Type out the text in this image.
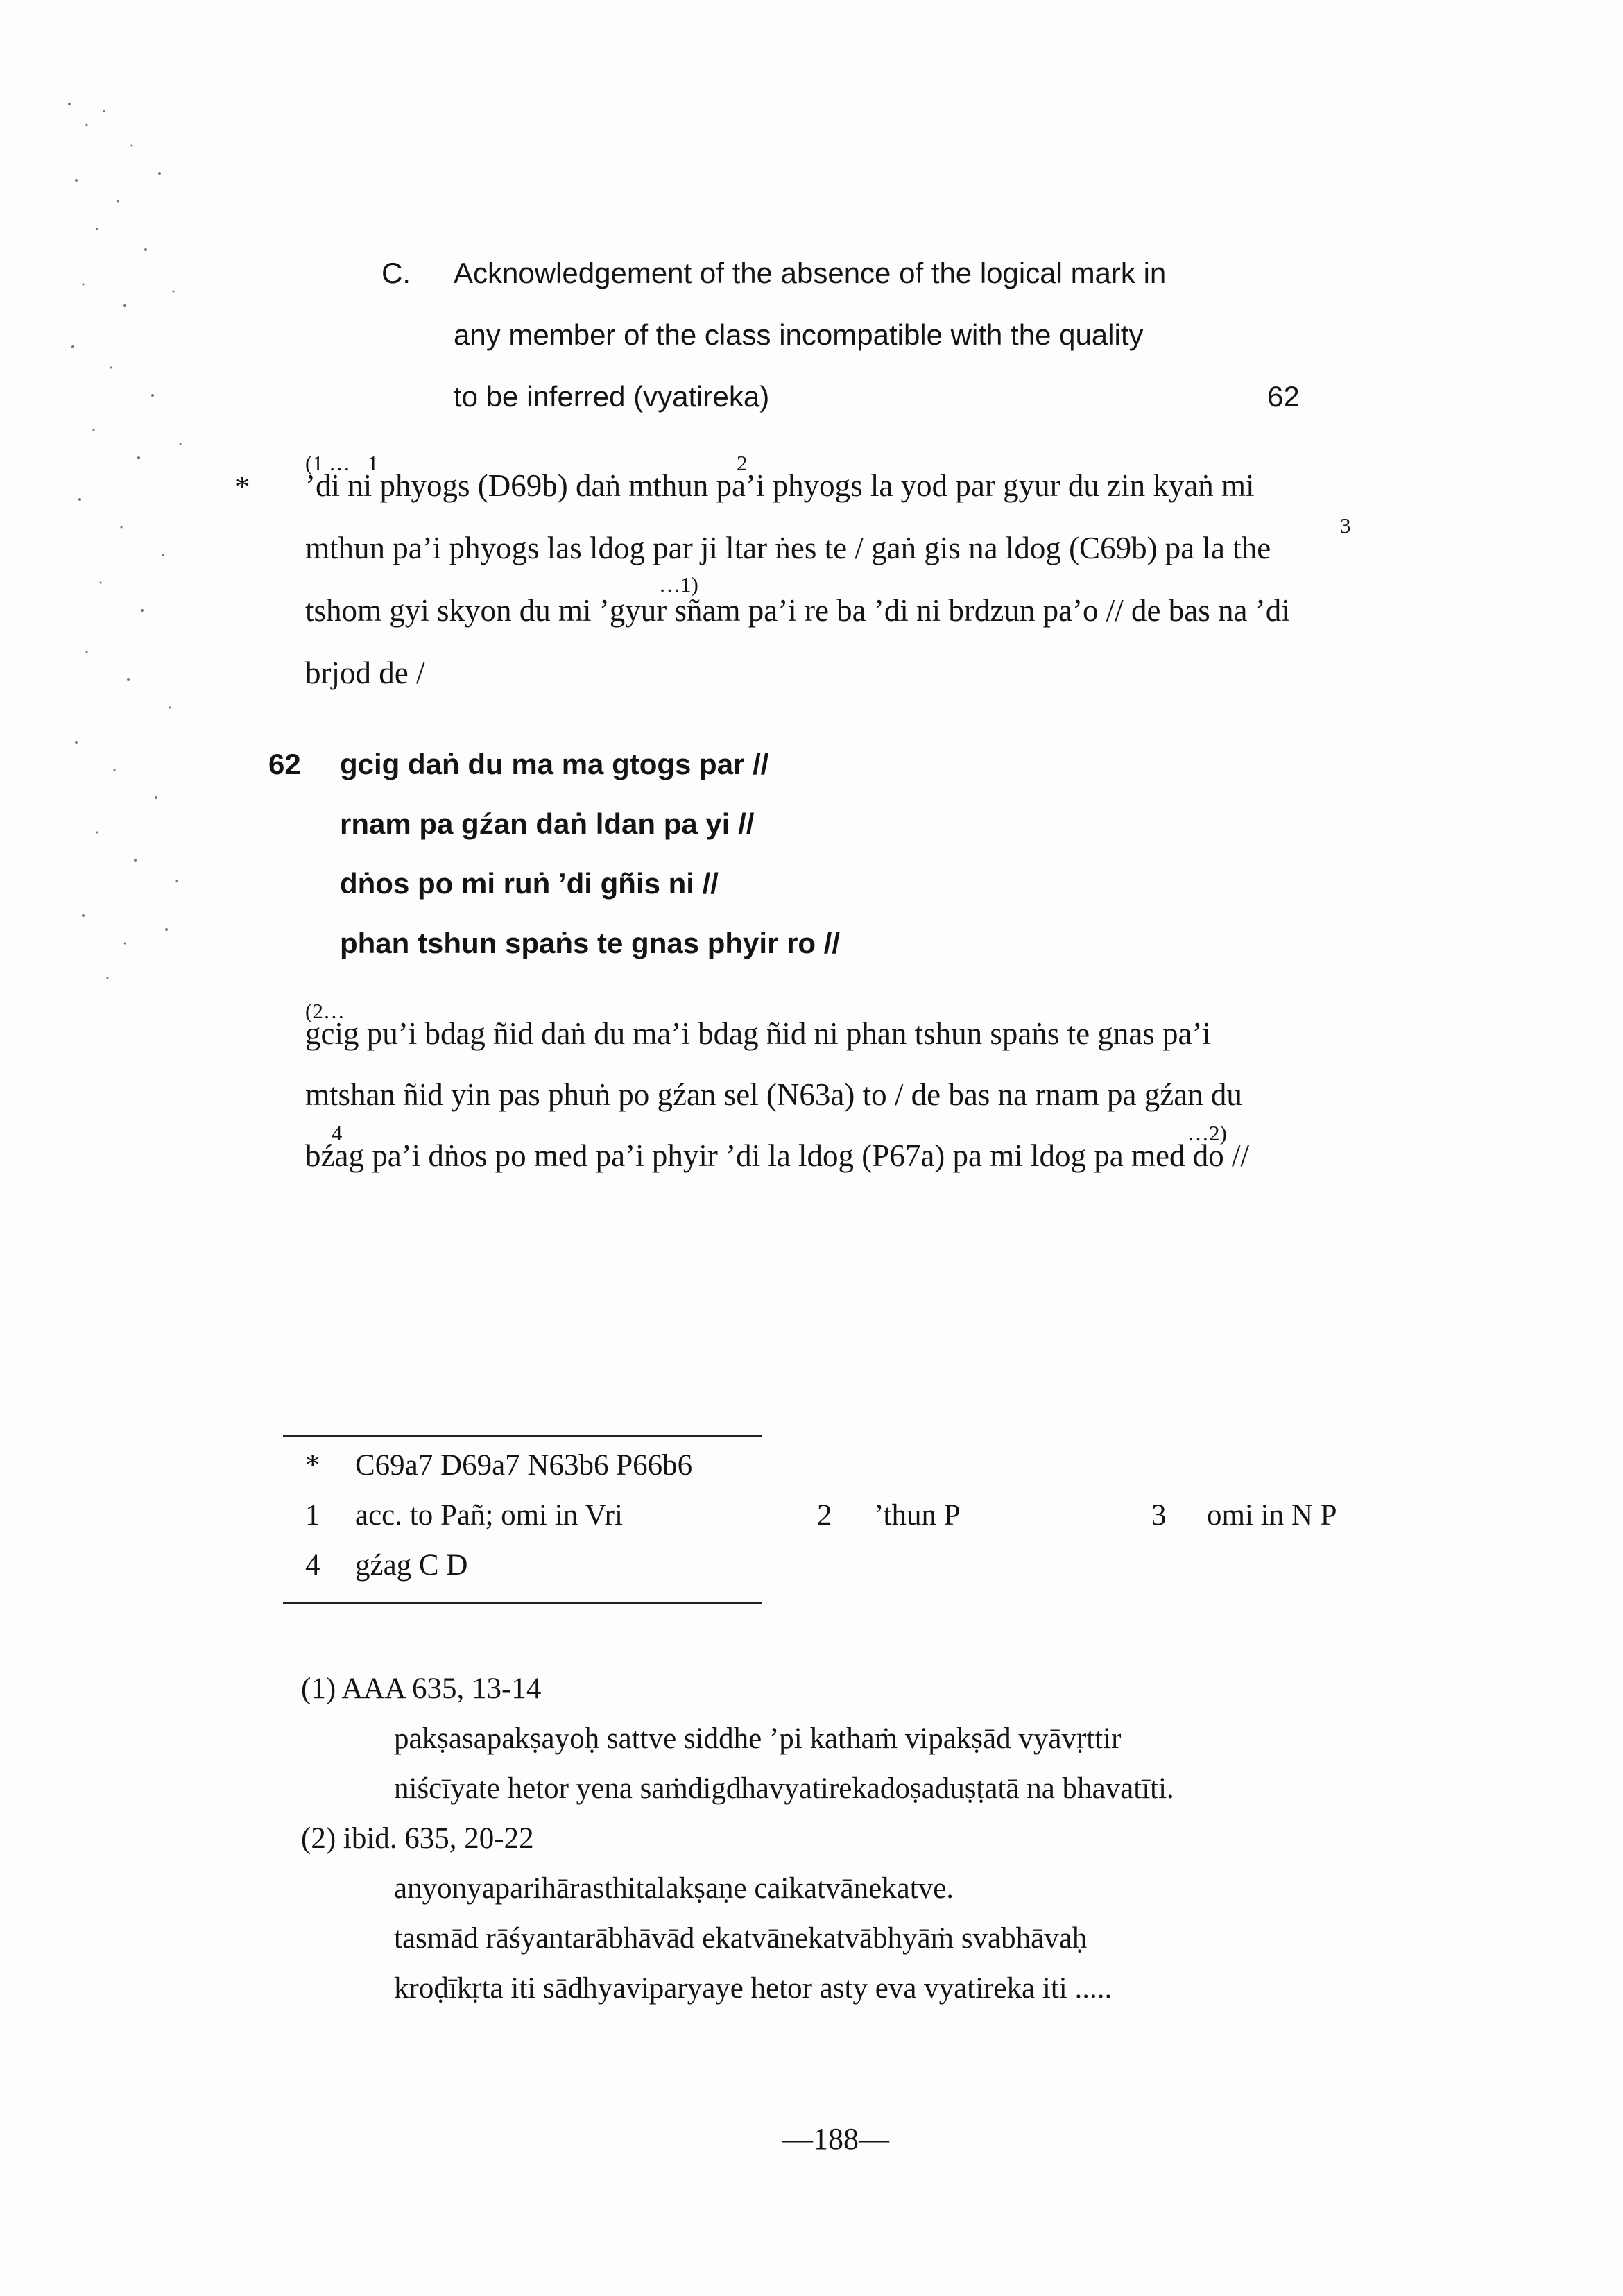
C. Acknowledgement of the absence of the logical mark in
any member of the class incompatible with the quality
to be inferred (vyatireka)	62
*
(1 … 1	2
3
…1)
’di ni phyogs (D69b) daṅ mthun pa’i phyogs la yod par gyur du zin kyaṅ mi
mthun pa’i phyogs las ldog par ji ltar ṅes te / gaṅ gis na ldog (C69b) pa la the
tshom gyi skyon du mi ’gyur sñam pa’i re ba ’di ni brdzun pa’o // de bas na ’di
brjod de /
62 gcig daṅ du ma ma gtogs par //
rnam pa gźan daṅ ldan pa yi //
dṅos po mi ruṅ ’di gñis ni //
phan tshun spaṅs te gnas phyir ro //
(2…
4	…2)
gcig pu’i bdag ñid daṅ du ma’i bdag ñid ni phan tshun spaṅs te gnas pa’i
mtshan ñid yin pas phuṅ po gźan sel (N63a) to / de bas na rnam pa gźan du
bźag pa’i dṅos po med pa’i phyir ’di la ldog (P67a) pa mi ldog pa med do //
* C69a7 D69a7 N63b6 P66b6
1 acc. to Pañ; omi in Vri	2 ’thun P	3 omi in N P
4 gźag C D
(1) AAA 635, 13-14
pakṣasapakṣayoḥ sattve siddhe ’pi kathaṁ vipakṣād vyāvṛttir
niścīyate hetor yena saṁdigdhavyatirekadoṣaduṣṭatā na bhavatīti.
(2) ibid. 635, 20-22
anyonyaparihārasthitalakṣaṇe caikatvānekatve.
tasmād rāśyantarābhāvād ekatvānekatvābhyāṁ svabhāvaḥ
kroḍīkṛta iti sādhyaviparyaye hetor asty eva vyatireka iti .....
—188—
